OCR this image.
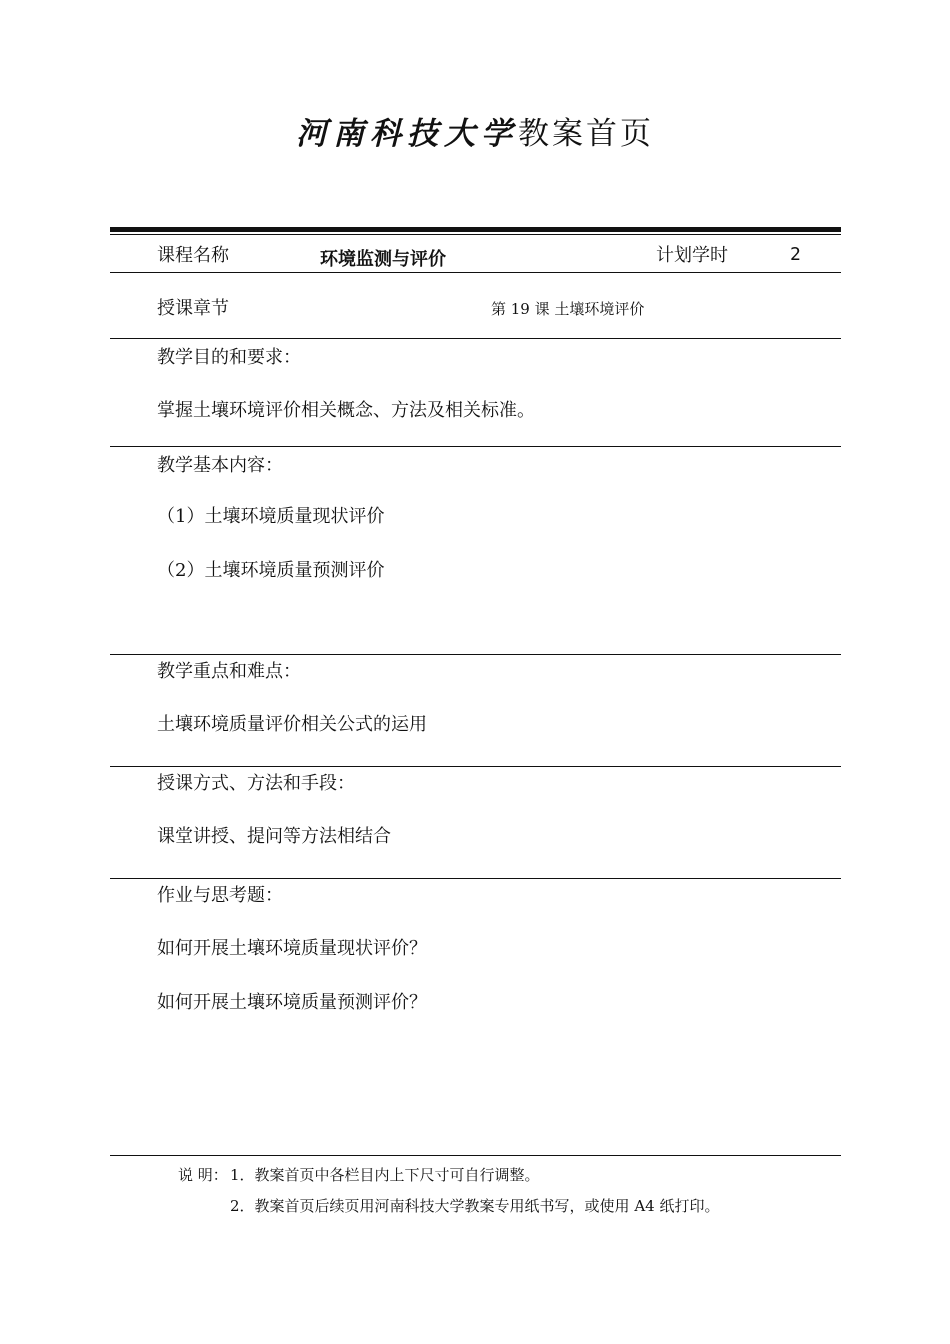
河南科技大学教案首页
课程名称	环境监测与评价	计划学时	2
授课章节	第 19 课 土壤环境评价
教学目的和要求：
掌握土壤环境评价相关概念、方法及相关标准。
教学基本内容：
（1）土壤环境质量现状评价
（2）土壤环境质量预测评价
教学重点和难点：
土壤环境质量评价相关公式的运用
授课方式、方法和手段：
课堂讲授、提问等方法相结合
作业与思考题：
如何开展土壤环境质量现状评价？
如何开展土壤环境质量预测评价？
说 明： 1．教案首页中各栏目内上下尺寸可自行调整。
2．教案首页后续页用河南科技大学教案专用纸书写，或使用 A4 纸打印。
